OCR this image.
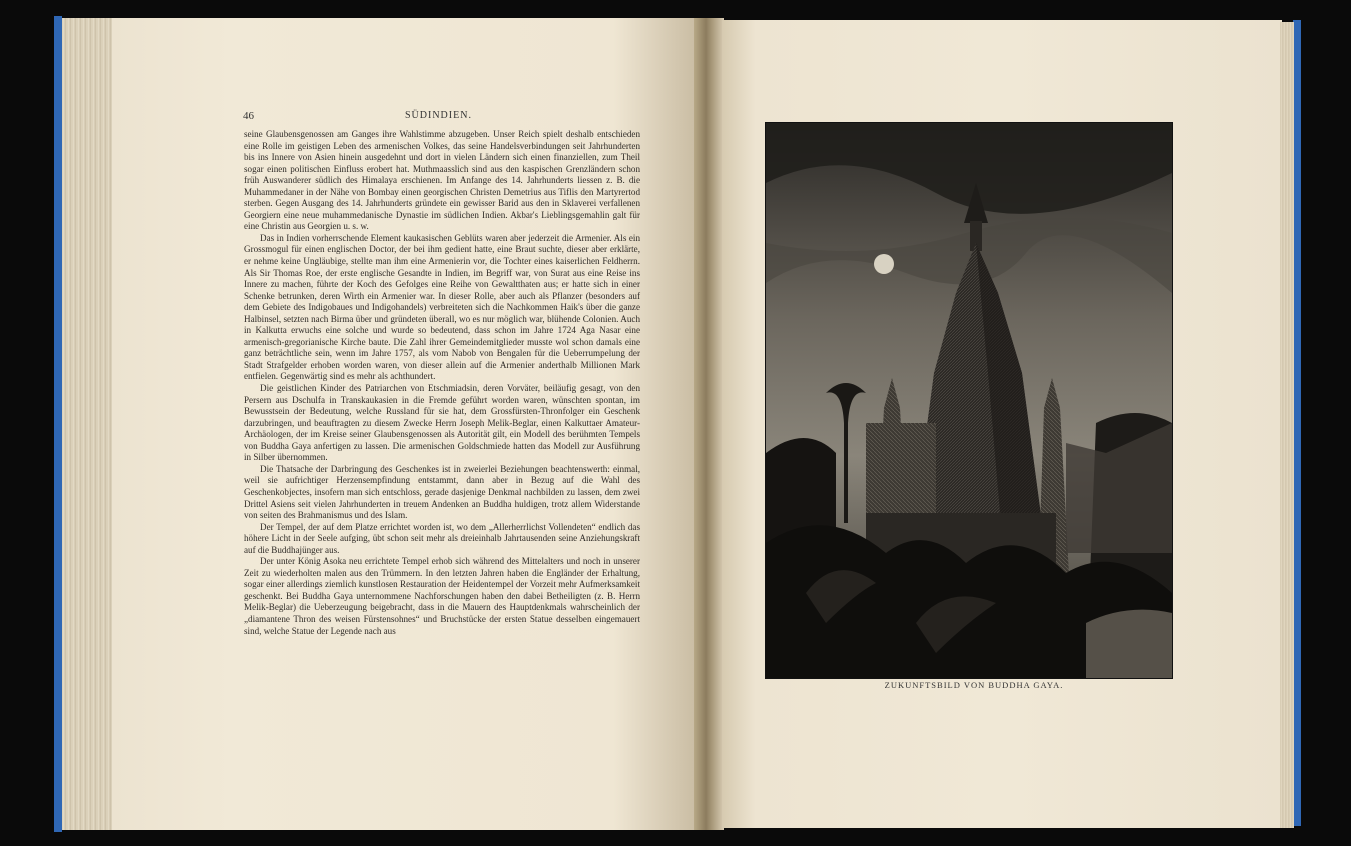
46	SÜDINDIEN.

seine Glaubensgenossen am Ganges ihre Wahlstimme abzugeben. Unser Reich spielt deshalb entschieden eine Rolle im geistigen Leben des armenischen Volkes, das seine Handelsverbindungen seit Jahrhunderten bis ins Innere von Asien hinein ausgedehnt und dort in vielen Ländern sich einen finanziellen, zum Theil sogar einen politischen Einfluss erobert hat. Muthmaasslich sind aus den kaspischen Grenzländern schon früh Auswanderer südlich des Himalaya erschienen. Im Anfange des 14. Jahrhunderts liessen z. B. die Muhammedaner in der Nähe von Bombay einen georgischen Christen Demetrius aus Tiflis den Martyrertod sterben. Gegen Ausgang des 14. Jahrhunderts gründete ein gewisser Barid aus den in Sklaverei verfallenen Georgiern eine neue muhammedanische Dynastie im südlichen Indien. Akbar's Lieblingsgemahlin galt für eine Christin aus Georgien u. s. w.

Das in Indien vorherrschende Element kaukasischen Geblüts waren aber jederzeit die Armenier. Als ein Grossmogul für einen englischen Doctor, der bei ihm gedient hatte, eine Braut suchte, dieser aber erklärte, er nehme keine Ungläubige, stellte man ihm eine Armenierin vor, die Tochter eines kaiserlichen Feldherrn. Als Sir Thomas Roe, der erste englische Gesandte in Indien, im Begriff war, von Surat aus eine Reise ins Innere zu machen, führte der Koch des Gefolges eine Reihe von Gewaltthaten aus; er hatte sich in einer Schenke betrunken, deren Wirth ein Armenier war. In dieser Rolle, aber auch als Pflanzer (besonders auf dem Gebiete des Indigobaues und Indigohandels) verbreiteten sich die Nachkommen Haik's über die ganze Halbinsel, setzten nach Birma über und gründeten überall, wo es nur möglich war, blühende Colonien. Auch in Kalkutta erwuchs eine solche und wurde so bedeutend, dass schon im Jahre 1724 Aga Nasar eine armenisch-gregorianische Kirche baute. Die Zahl ihrer Gemeindemitglieder musste wol schon damals eine ganz beträchtliche sein, wenn im Jahre 1757, als vom Nabob von Bengalen für die Ueberrumpelung der Stadt Strafgelder erhoben worden waren, von dieser allein auf die Armenier anderthalb Millionen Mark entfielen. Gegenwärtig sind es mehr als achthundert.

Die geistlichen Kinder des Patriarchen von Etschmiadsin, deren Vorväter, beiläufig gesagt, von den Persern aus Dschulfa in Transkaukasien in die Fremde geführt worden waren, wünschten spontan, im Bewusstsein der Bedeutung, welche Russland für sie hat, dem Grossfürsten-Thronfolger ein Geschenk darzubringen, und beauftragten zu diesem Zwecke Herrn Joseph Melik-Beglar, einen Kalkuttaer Amateur-Archäologen, der im Kreise seiner Glaubensgenossen als Autorität gilt, ein Modell des berühmten Tempels von Buddha Gaya anfertigen zu lassen. Die armenischen Goldschmiede hatten das Modell zur Ausführung in Silber übernommen.

Die Thatsache der Darbringung des Geschenkes ist in zweierlei Beziehungen beachtenswerth: einmal, weil sie aufrichtiger Herzensempfindung entstammt, dann aber in Bezug auf die Wahl des Geschenkobjectes, insofern man sich entschloss, gerade dasjenige Denkmal nachbilden zu lassen, dem zwei Drittel Asiens seit vielen Jahrhunderten in treuem Andenken an Buddha huldigen, trotz allem Widerstande von seiten des Brahmanismus und des Islam.

Der Tempel, der auf dem Platze errichtet worden ist, wo dem „Allerherrlichst Vollendeten“ endlich das höhere Licht in der Seele aufging, übt schon seit mehr als dreieinhalb Jahrtausenden seine Anziehungskraft auf die Buddhajünger aus.

Der unter König Asoka neu errichtete Tempel erhob sich während des Mittelalters und noch in unserer Zeit zu wiederholten malen aus den Trümmern. In den letzten Jahren haben die Engländer der Erhaltung, sogar einer allerdings ziemlich kunstlosen Restauration der Heidentempel der Vorzeit mehr Aufmerksamkeit geschenkt. Bei Buddha Gaya unternommene Nachforschungen haben den dabei Betheiligten (z. B. Herrn Melik-Beglar) die Ueberzeugung beigebracht, dass in die Mauern des Hauptdenkmals wahrscheinlich der „diamantene Thron des weisen Fürstensohnes“ und Bruchstücke der ersten Statue desselben eingemauert sind, welche Statue der Legende nach aus

ZUKUNFTSBILD VON BUDDHA GAYA.
